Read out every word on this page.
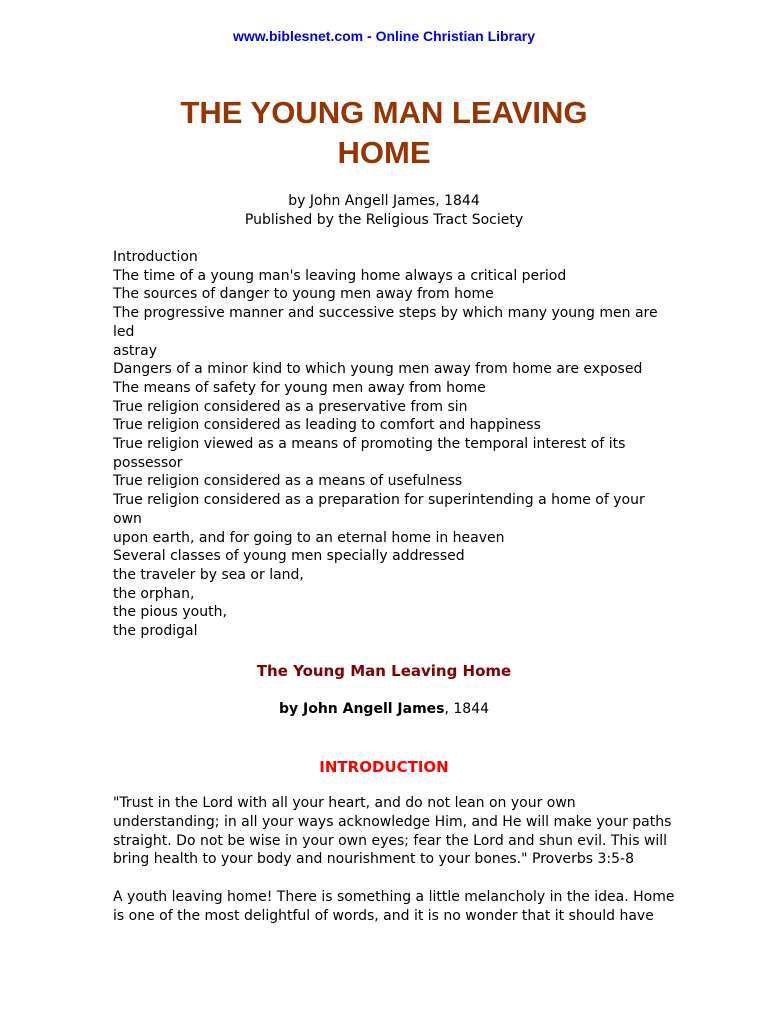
www.biblesnet.com - Online Christian Library
THE YOUNG MAN LEAVING
HOME
by John Angell James, 1844
Published by the Religious Tract Society
Introduction
The time of a young man's leaving home always a critical period
The sources of danger to young men away from home
The progressive manner and successive steps by which many young men are led
astray
Dangers of a minor kind to which young men away from home are exposed
The means of safety for young men away from home
True religion considered as a preservative from sin
True religion considered as leading to comfort and happiness
True religion viewed as a means of promoting the temporal interest of its
possessor
True religion considered as a means of usefulness
True religion considered as a preparation for superintending a home of your own
upon earth, and for going to an eternal home in heaven
Several classes of young men specially addressed
the traveler by sea or land,
the orphan,
the pious youth,
the prodigal
The Young Man Leaving Home
by John Angell James, 1844
INTRODUCTION
"Trust in the Lord with all your heart, and do not lean on your own
understanding; in all your ways acknowledge Him, and He will make your paths
straight. Do not be wise in your own eyes; fear the Lord and shun evil. This will
bring health to your body and nourishment to your bones." Proverbs 3:5-8
A youth leaving home! There is something a little melancholy in the idea. Home
is one of the most delightful of words, and it is no wonder that it should have
